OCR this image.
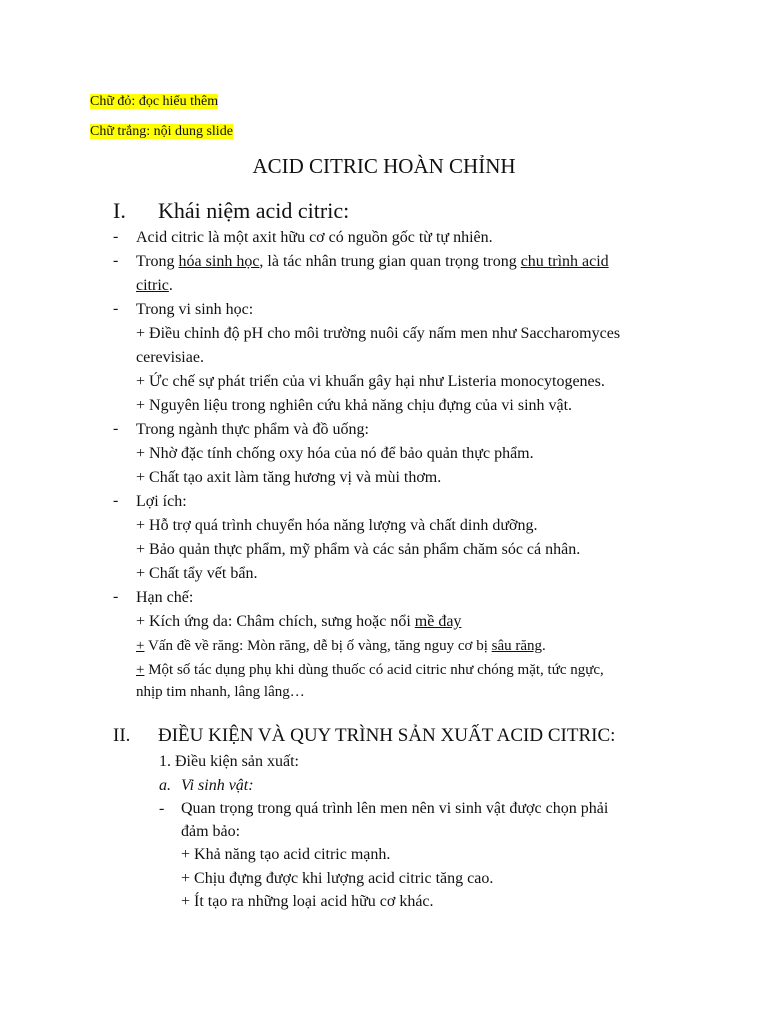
Chữ đỏ: đọc hiểu thêm
Chữ trắng: nội dung slide
ACID CITRIC HOÀN CHỈNH
I. Khái niệm acid citric:
- Acid citric là một axit hữu cơ có nguồn gốc từ tự nhiên.
- Trong hóa sinh học, là tác nhân trung gian quan trọng trong chu trình acid
citric.
- Trong vi sinh học:
+ Điều chỉnh độ pH cho môi trường nuôi cấy nấm men như Saccharomyces
cerevisiae.
+ Ức chế sự phát triển của vi khuẩn gây hại như Listeria monocytogenes.
+ Nguyên liệu trong nghiên cứu khả năng chịu đựng của vi sinh vật.
- Trong ngành thực phẩm và đồ uống:
+ Nhờ đặc tính chống oxy hóa của nó để bảo quản thực phẩm.
+ Chất tạo axit làm tăng hương vị và mùi thơm.
- Lợi ích:
+ Hỗ trợ quá trình chuyển hóa năng lượng và chất dinh dưỡng.
+ Bảo quản thực phẩm, mỹ phẩm và các sản phẩm chăm sóc cá nhân.
+ Chất tẩy vết bẩn.
- Hạn chế:
+ Kích ứng da: Châm chích, sưng hoặc nổi mề đay
+ Vấn đề về răng: Mòn răng, dễ bị ố vàng, tăng nguy cơ bị sâu răng.
+ Một số tác dụng phụ khi dùng thuốc có acid citric như chóng mặt, tức ngực,
nhịp tim nhanh, lâng lâng…
II. ĐIỀU KIỆN VÀ QUY TRÌNH SẢN XUẤT ACID CITRIC:
1. Điều kiện sản xuất:
a. Vi sinh vật:
- Quan trọng trong quá trình lên men nên vi sinh vật được chọn phải
đảm bảo:
+ Khả năng tạo acid citric mạnh.
+ Chịu đựng được khi lượng acid citric tăng cao.
+ Ít tạo ra những loại acid hữu cơ khác.
